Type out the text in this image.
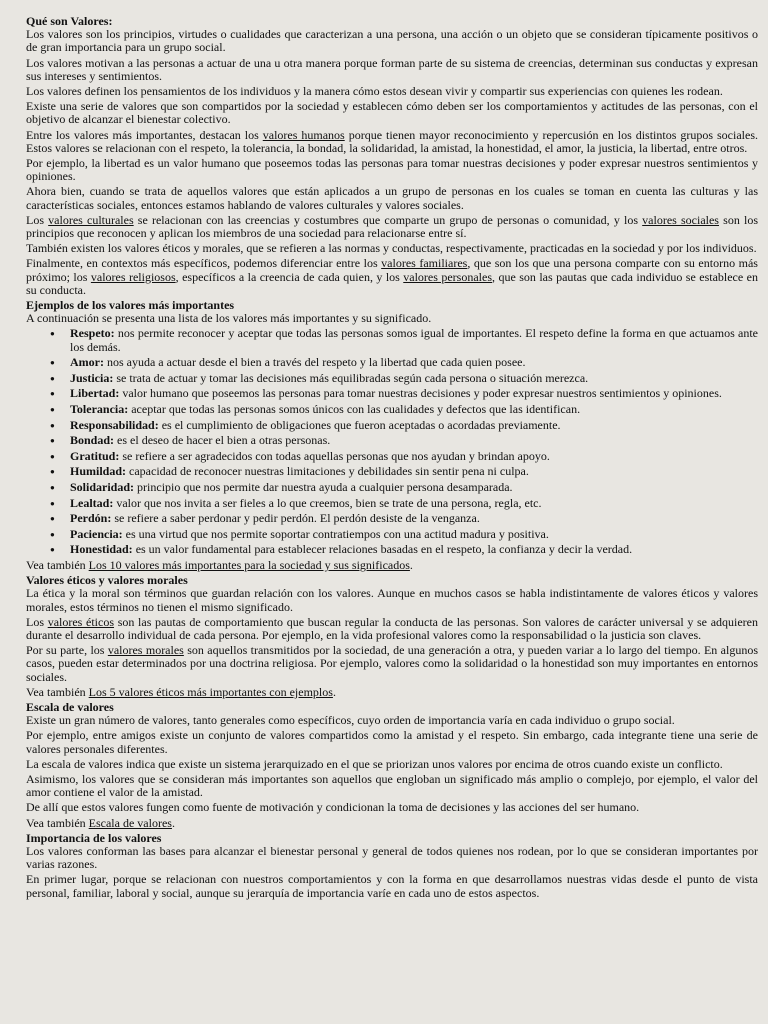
Qué son Valores:

Los valores son los principios, virtudes o cualidades que caracterizan a una persona, una acción o un objeto que se consideran típicamente positivos o de gran importancia para un grupo social.

Los valores motivan a las personas a actuar de una u otra manera porque forman parte de su sistema de creencias, determinan sus conductas y expresan sus intereses y sentimientos.

Los valores definen los pensamientos de los individuos y la manera cómo estos desean vivir y compartir sus experiencias con quienes les rodean.

Existe una serie de valores que son compartidos por la sociedad y establecen cómo deben ser los comportamientos y actitudes de las personas, con el objetivo de alcanzar el bienestar colectivo.

Entre los valores más importantes, destacan los valores humanos porque tienen mayor reconocimiento y repercusión en los distintos grupos sociales. Estos valores se relacionan con el respeto, la tolerancia, la bondad, la solidaridad, la amistad, la honestidad, el amor, la justicia, la libertad, entre otros.

Por ejemplo, la libertad es un valor humano que poseemos todas las personas para tomar nuestras decisiones y poder expresar nuestros sentimientos y opiniones.

Ahora bien, cuando se trata de aquellos valores que están aplicados a un grupo de personas en los cuales se toman en cuenta las culturas y las características sociales, entonces estamos hablando de valores culturales y valores sociales.

Los valores culturales se relacionan con las creencias y costumbres que comparte un grupo de personas o comunidad, y los valores sociales son los principios que reconocen y aplican los miembros de una sociedad para relacionarse entre sí.

También existen los valores éticos y morales, que se refieren a las normas y conductas, respectivamente, practicadas en la sociedad y por los individuos.

Finalmente, en contextos más específicos, podemos diferenciar entre los valores familiares, que son los que una persona comparte con su entorno más próximo; los valores religiosos, específicos a la creencia de cada quien, y los valores personales, que son las pautas que cada individuo se establece en su conducta.

Ejemplos de los valores más importantes

A continuación se presenta una lista de los valores más importantes y su significado.

● Respeto: nos permite reconocer y aceptar que todas las personas somos igual de importantes. El respeto define la forma en que actuamos ante los demás.
● Amor: nos ayuda a actuar desde el bien a través del respeto y la libertad que cada quien posee.
● Justicia: se trata de actuar y tomar las decisiones más equilibradas según cada persona o situación merezca.
● Libertad: valor humano que poseemos las personas para tomar nuestras decisiones y poder expresar nuestros sentimientos y opiniones.
● Tolerancia: aceptar que todas las personas somos únicos con las cualidades y defectos que las identifican.
● Responsabilidad: es el cumplimiento de obligaciones que fueron aceptadas o acordadas previamente.
● Bondad: es el deseo de hacer el bien a otras personas.
● Gratitud: se refiere a ser agradecidos con todas aquellas personas que nos ayudan y brindan apoyo.
● Humildad: capacidad de reconocer nuestras limitaciones y debilidades sin sentir pena ni culpa.
● Solidaridad: principio que nos permite dar nuestra ayuda a cualquier persona desamparada.
● Lealtad: valor que nos invita a ser fieles a lo que creemos, bien se trate de una persona, regla, etc.
● Perdón: se refiere a saber perdonar y pedir perdón. El perdón desiste de la venganza.
● Paciencia: es una virtud que nos permite soportar contratiempos con una actitud madura y positiva.
● Honestidad: es un valor fundamental para establecer relaciones basadas en el respeto, la confianza y decir la verdad.

Vea también Los 10 valores más importantes para la sociedad y sus significados.

Valores éticos y valores morales

La ética y la moral son términos que guardan relación con los valores. Aunque en muchos casos se habla indistintamente de valores éticos y valores morales, estos términos no tienen el mismo significado.

Los valores éticos son las pautas de comportamiento que buscan regular la conducta de las personas. Son valores de carácter universal y se adquieren durante el desarrollo individual de cada persona. Por ejemplo, en la vida profesional valores como la responsabilidad o la justicia son claves.

Por su parte, los valores morales son aquellos transmitidos por la sociedad, de una generación a otra, y pueden variar a lo largo del tiempo. En algunos casos, pueden estar determinados por una doctrina religiosa. Por ejemplo, valores como la solidaridad o la honestidad son muy importantes en entornos sociales.

Vea también Los 5 valores éticos más importantes con ejemplos.

Escala de valores

Existe un gran número de valores, tanto generales como específicos, cuyo orden de importancia varía en cada individuo o grupo social.

Por ejemplo, entre amigos existe un conjunto de valores compartidos como la amistad y el respeto. Sin embargo, cada integrante tiene una serie de valores personales diferentes.

La escala de valores indica que existe un sistema jerarquizado en el que se priorizan unos valores por encima de otros cuando existe un conflicto.

Asimismo, los valores que se consideran más importantes son aquellos que engloban un significado más amplio o complejo, por ejemplo, el valor del amor contiene el valor de la amistad.

De allí que estos valores fungen como fuente de motivación y condicionan la toma de decisiones y las acciones del ser humano.

Vea también Escala de valores.

Importancia de los valores

Los valores conforman las bases para alcanzar el bienestar personal y general de todos quienes nos rodean, por lo que se consideran importantes por varias razones.

En primer lugar, porque se relacionan con nuestros comportamientos y con la forma en que desarrollamos nuestras vidas desde el punto de vista personal, familiar, laboral y social, aunque su jerarquía de importancia varíe en cada uno de estos aspectos.
